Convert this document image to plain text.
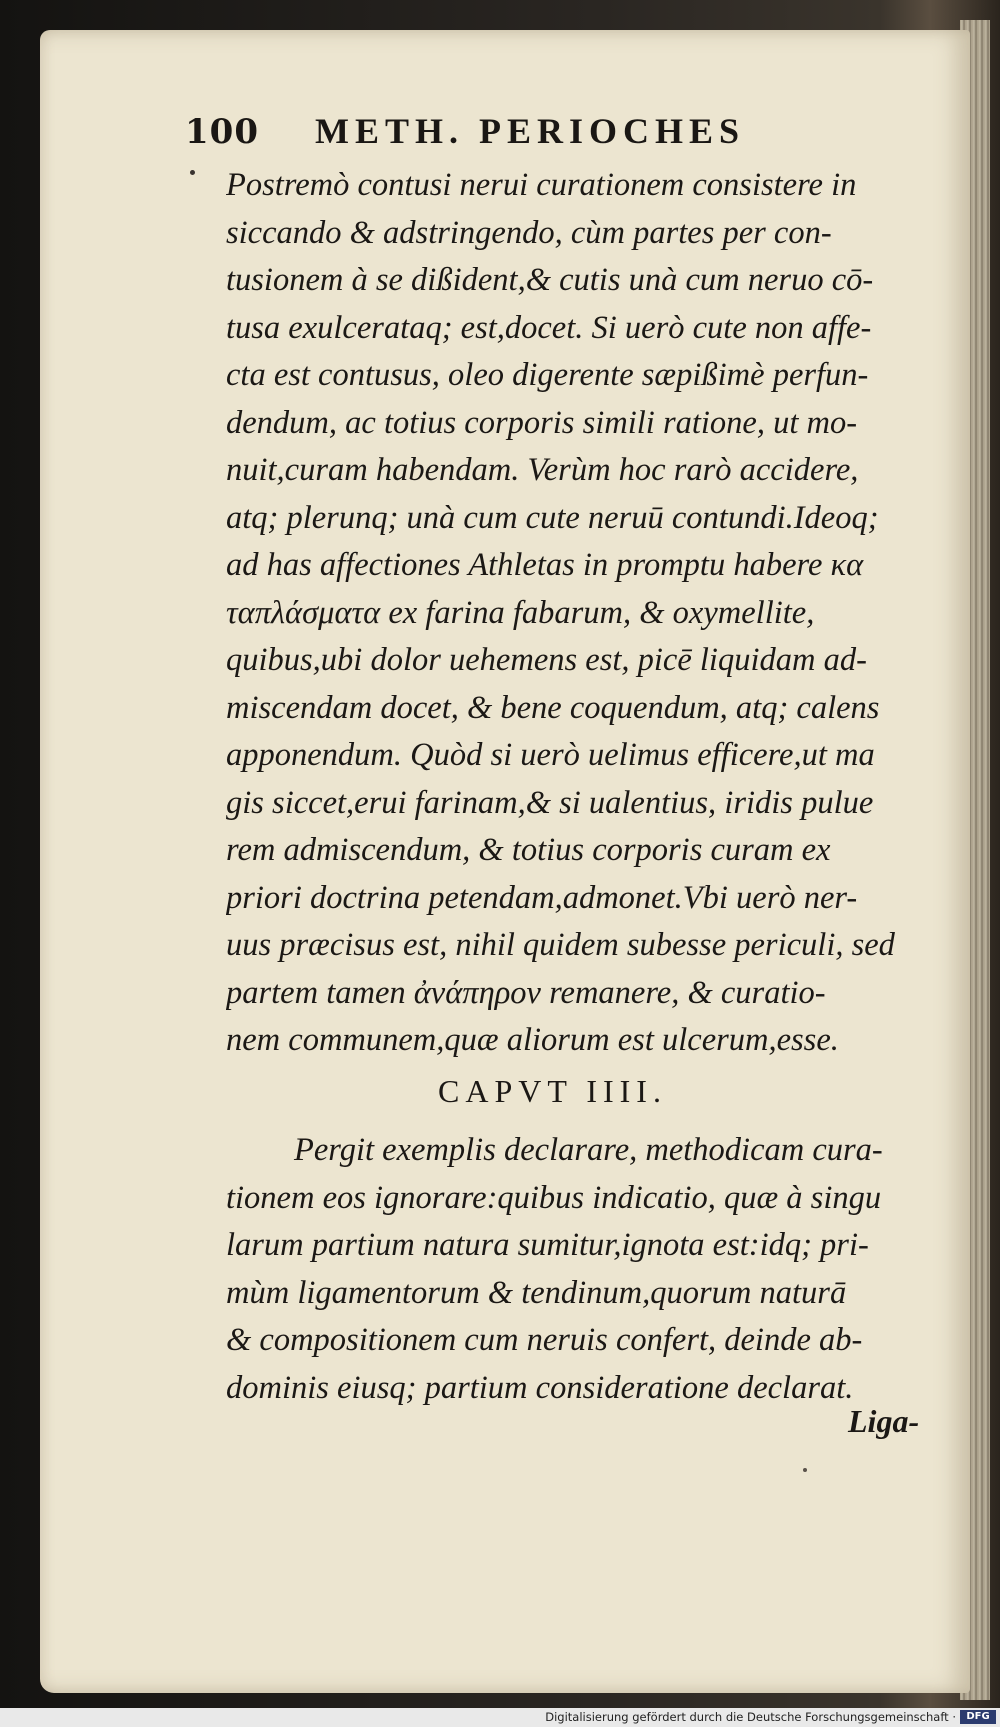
100 METH. PERIOCHES
Postremò contusi nerui curationem consistere in
siccando & adstringendo, cùm partes per con-
tusionem à se dißident,& cutis unà cum neruo cō-
tusa exulcerataq; est,docet. Si uerò cute non affe-
cta est contusus, oleo digerente sæpißimè perfun-
dendum, ac totius corporis simili ratione, ut mo-
nuit,curam habendam. Verùm hoc rarò accidere,
atq; plerunq; unà cum cute neruū contundi.Ideoq;
ad has affectiones Athletas in promptu habere κα
ταπλάσματα ex farina fabarum, & oxymellite,
quibus,ubi dolor uehemens est, picē liquidam ad-
miscendam docet, & bene coquendum, atq; calens
apponendum. Quòd si uerò uelimus efficere,ut ma
gis siccet,erui farinam,& si ualentius, iridis pulue
rem admiscendum, & totius corporis curam ex
priori doctrina petendam,admonet.Vbi uerò ner-
uus præcisus est, nihil quidem subesse periculi, sed
partem tamen ἀνάπηρον remanere, & curatio-
nem communem,quæ aliorum est ulcerum,esse.
CAPVT IIII.
Pergit exemplis declarare, methodicam cura-
tionem eos ignorare:quibus indicatio, quæ à singu
larum partium natura sumitur,ignota est:idq; pri-
mùm ligamentorum & tendinum,quorum naturā
& compositionem cum neruis confert, deinde ab-
dominis eiusq; partium consideratione declarat.
Liga-
Digitalisierung gefördert durch die Deutsche Forschungsgemeinschaft ·	DFG
